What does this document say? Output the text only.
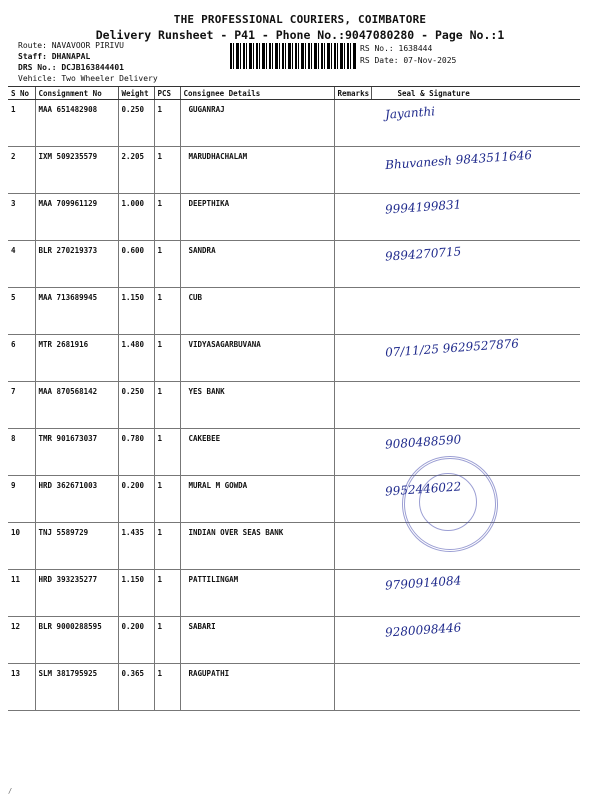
THE PROFESSIONAL COURIERS, COIMBATORE
Delivery Runsheet - P41 - Phone No.:9047080280 - Page No.:1
Route: NAVAVOOR PIRIVU
Staff: DHANAPAL
DRS No.: DCJB163844401
Vehicle: Two Wheeler Delivery
RS No.: 1638444
RS Date: 07-Nov-2025
S No	Consignment No	Weight	PCS	Consignee Details	Remarks	Seal & Signature
1	MAA 651482908	0.250	1	GUGANRAJ		Jayanthi

2	IXM 509235579	2.205	1	MARUDHACHALAM		Bhuvanesh 9843511646

3	MAA 709961129	1.000	1	DEEPTHIKA		9994199831

4	BLR 270219373	0.600	1	SANDRA		9894270715

5	MAA 713689945	1.150	1	CUB		

6	MTR 2681916	1.480	1	VIDYASAGARBUVANA		07/11/25 9629527876

7	MAA 870568142	0.250	1	YES BANK		

8	TMR 901673037	0.780	1	CAKEBEE		9080488590

9	HRD 362671003	0.200	1	MURAL M GOWDA		9952446022

10	TNJ 5589729	1.435	1	INDIAN OVER SEAS BANK		

11	HRD 393235277	1.150	1	PATTILINGAM		9790914084

12	BLR 9000288595	0.200	1	SABARI		9280098446

13	SLM 381795925	0.365	1	RAGUPATHI		
/
